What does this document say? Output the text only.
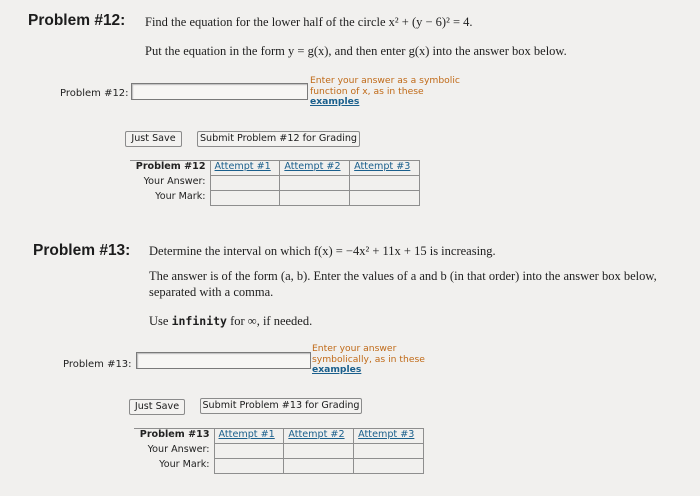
Problem #12: Find the equation for the lower half of the circle x² + (y − 6)² = 4.
Put the equation in the form y = g(x), and then enter g(x) into the answer box below.
Problem #12:
Enter your answer as a symbolic function of x, as in these examples
Just Save	Submit Problem #12 for Grading
Problem #12	Attempt #1	Attempt #2	Attempt #3
Your Answer:			
Your Mark:			
Problem #13: Determine the interval on which f(x) = −4x² + 11x + 15 is increasing.
The answer is of the form (a, b). Enter the values of a and b (in that order) into the answer box below, separated with a comma.
Use infinity for ∞, if needed.
Problem #13:
Enter your answer symbolically, as in these examples
Just Save	Submit Problem #13 for Grading
Problem #13	Attempt #1	Attempt #2	Attempt #3
Your Answer:			
Your Mark:			
